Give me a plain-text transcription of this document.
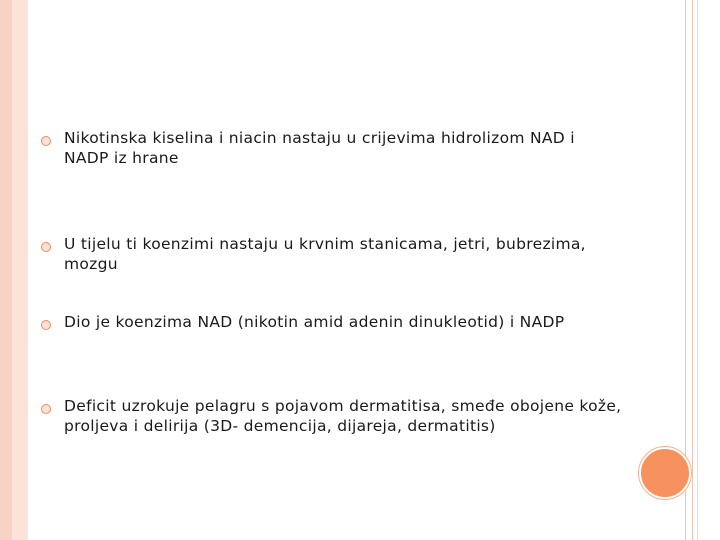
Nikotinska kiselina i niacin nastaju u crijevima hidrolizom NAD i NADP iz hrane
U tijelu ti koenzimi nastaju u krvnim stanicama, jetri, bubrezima, mozgu
Dio je koenzima NAD (nikotin amid adenin dinukleotid) i NADP
Deficit uzrokuje pelagru s pojavom dermatitisa, smeđe obojene kože, proljeva i delirija (3D- demencija, dijareja, dermatitis)
